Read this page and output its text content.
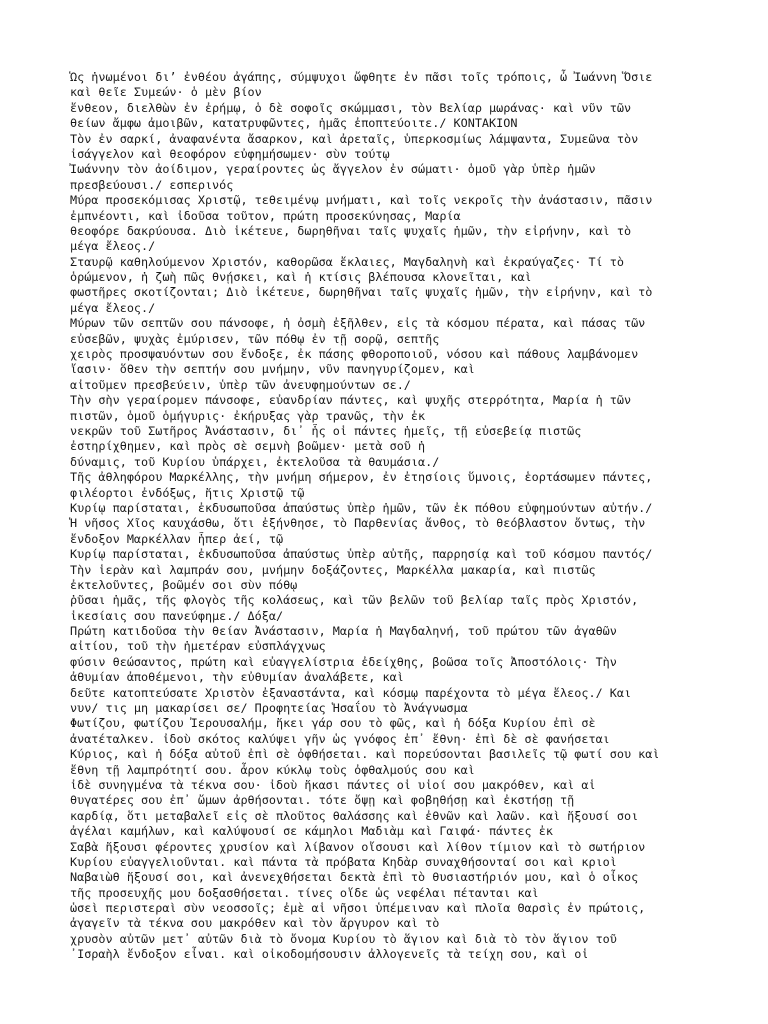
Ὡς ἡνωμένοι δι’ ἐνθέου ἀγάπης, σύμψυχοι ὤφθητε ἐν πᾶσι τοῖς τρόποις, ὦ Ἰωάννη Ὅσιε
καὶ θεῖε Συμεών· ὁ μὲν βίον
ἔνθεον, διελθὼν ἐν ἐρήμῳ, ὁ δὲ σοφοῖς σκώμμασι, τὸν Βελίαρ μωράνας· καὶ νῦν τῶν
θείων ἄμφω ἀμοιβῶν, κατατρυφῶντες, ἡμᾶς ἐποπτεύοιτε./ ΚΟΝΤΑΚΙΟΝ
Τὸν ἐν σαρκί, ἀναφανέντα ἄσαρκον, καὶ ἀρεταῖς, ὑπερκοσμίως λάμψαντα, Συμεῶνα τὸν
ἰσάγγελον καὶ θεοφόρον εὐφημήσωμεν· σὺν τούτῳ
Ἰωάννην τὸν ἀοίδιμον, γεραίροντες ὡς ἄγγελον ἐν σώματι· ὁμοῦ γὰρ ὑπὲρ ἡμῶν
πρεσβεύουσι./ εσπερινός
Μύρα προσεκόμισας Χριστῷ, τεθειμένῳ μνήματι, καὶ τοῖς νεκροῖς τὴν ἀνάστασιν, πᾶσιν
ἐμπνέοντι, καὶ ἰδοῦσα τοῦτον, πρώτη προσεκύνησας, Μαρία
θεοφόρε δακρύουσα. Διὸ ἱκέτευε, δωρηθῆναι ταῖς ψυχαῖς ἡμῶν, τὴν εἰρήνην, καὶ τὸ
μέγα ἔλεος./
Σταυρῷ καθηλούμενον Χριστόν, καθορῶσα ἔκλαιες, Μαγδαληνὴ καὶ ἐκραύγαζες· Τί τὸ
ὁρώμενον, ἡ ζωὴ πῶς θνῄσκει, καὶ ἡ κτίσις βλέπουσα κλονεῖται, καὶ
φωστῆρες σκοτίζονται; Διὸ ἱκέτευε, δωρηθῆναι ταῖς ψυχαῖς ἡμῶν, τὴν εἰρήνην, καὶ τὸ
μέγα ἔλεος./
Μύρων τῶν σεπτῶν σου πάνσοφε, ἡ ὀσμὴ ἐξῆλθεν, εἰς τὰ κόσμου πέρατα, καὶ πάσας τῶν
εὐσεβῶν, ψυχὰς ἐμύρισεν, τῶν πόθῳ ἐν τῇ σορῷ, σεπτῆς
χειρὸς προσψαυόντων σου ἔνδοξε, ἐκ πάσης φθοροποιοῦ, νόσου καὶ πάθους λαμβάνομεν
ἴασιν· ὅθεν τὴν σεπτήν σου μνήμην, νῦν πανηγυρίζομεν, καὶ
αἰτοῦμεν πρεσβεύειν, ὑπὲρ τῶν ἀνευφημούντων σε./
Τὴν σὴν γεραίρομεν πάνσοφε, εὐανδρίαν πάντες, καὶ ψυχῆς στερρότητα, Μαρία ἡ τῶν
πιστῶν, ὁμοῦ ὁμήγυρις· ἐκήρυξας γὰρ τρανῶς, τὴν ἐκ
νεκρῶν τοῦ Σωτῆρος Ἀνάστασιν, δι᾿ ἧς οἱ πάντες ἡμεῖς, τῇ εὐσεβείᾳ πιστῶς
ἐστηρίχθημεν, καὶ πρὸς σὲ σεμνὴ βοῶμεν· μετὰ σοῦ ἡ
δύναμις, τοῦ Κυρίου ὑπάρχει, ἐκτελοῦσα τὰ θαυμάσια./
Τῆς ἀθληφόρου Μαρκέλλης, τὴν μνήμη σήμερον, ἐν ἐτησίοις ὕμνοις, ἑορτάσωμεν πάντες,
φιλέορτοι ἐνδόξως, ἥτις Χριστῷ τῷ
Κυρίῳ παρίσταται, ἐκδυσωποῦσα ἀπαύστως ὑπὲρ ἡμῶν, τῶν ἐκ πόθου εὐφημούντων αὐτήν./
Ἡ νῆσος Χῖος καυχάσθω, ὅτι ἐξήνθησε, τὸ Παρθενίας ἄνθος, τὸ θεόβλαστον ὄντως, τὴν
ἔνδοξον Μαρκέλλαν ἧπερ ἀεί, τῷ
Κυρίῳ παρίσταται, ἐκδυσωποῦσα ἀπαύστως ὑπὲρ αὐτῆς, παρρησίᾳ καὶ τοῦ κόσμου παντός/
Τὴν ἱερὰν καὶ λαμπράν σου, μνήμην δοξάζοντες, Μαρκέλλα μακαρία, καὶ πιστῶς
ἐκτελοῦντες, βοῶμέν σοι σὺν πόθῳ
ῥῦσαι ἡμᾶς, τῆς φλογὸς τῆς κολάσεως, καὶ τῶν βελῶν τοῦ βελίαρ ταῖς πρὸς Χριστόν,
ἱκεσίαις σου πανεύφημε./ Δόξα/
Πρώτη κατιδοῦσα τὴν θείαν Ἀνάστασιν, Μαρία ἡ Μαγδαληνή, τοῦ πρώτου τῶν ἀγαθῶν
αἰτίου, τοῦ τὴν ἡμετέραν εὐσπλάγχνως
φύσιν θεώσαντος, πρώτη καὶ εὐαγγελίστρια ἐδείχθης, βοῶσα τοῖς Ἀποστόλοις· Τὴν
ἀθυμίαν ἀποθέμενοι, τὴν εὐθυμίαν ἀναλάβετε, καὶ
δεῦτε κατοπτεύσατε Χριστὸν ἐξαναστάντα, καὶ κόσμῳ παρέχοντα τὸ μέγα ἔλεος./ Και
νυν/ τις μη μακαρίσει σε/ Προφητείας Ἡσαΐου τὸ Ἀνάγνωσμα
Φωτίζου, φωτίζου Ἰερουσαλήμ, ἥκει γάρ σου τὸ φῶς, καὶ ἡ δόξα Κυρίου ἐπὶ σὲ
ἀνατέταλκεν. ἰδοὺ σκότος καλύψει γῆν ὡς γνόφος ἐπ᾿ ἔθνη· ἐπὶ δὲ σὲ φανήσεται
Κύριος, καὶ ἡ δόξα αὐτοῦ ἐπὶ σὲ ὀφθήσεται. καὶ πορεύσονται βασιλεῖς τῷ φωτί σου καὶ
ἔθνη τῇ λαμπρότητί σου. ἆρον κύκλῳ τοὺς ὀφθαλμούς σου καὶ
ἰδὲ συνηγμένα τὰ τέκνα σου· ἰδοὺ ἥκασι πάντες οἱ υἱοί σου μακρόθεν, καὶ αἱ
θυγατέρες σου ἐπ᾿ ὤμων ἀρθήσονται. τότε ὄψῃ καὶ φοβηθήσῃ καὶ ἐκστήσῃ τῇ
καρδίᾳ, ὅτι μεταβαλεῖ εἰς σὲ πλοῦτος θαλάσσης καὶ ἐθνῶν καὶ λαῶν. καὶ ἥξουσί σοι
ἀγέλαι καμήλων, καὶ καλύψουσί σε κάμηλοι Μαδιὰμ καὶ Γαιφά· πάντες ἐκ
Σαβὰ ἥξουσι φέροντες χρυσίον καὶ λίβανον οἴσουσι καὶ λίθον τίμιον καὶ τὸ σωτήριον
Κυρίου εὐαγγελιοῦνται. καὶ πάντα τὰ πρόβατα Κηδὰρ συναχθήσονταί σοι καὶ κριοὶ
Ναβαιὼθ ἥξουσί σοι, καὶ ἀνενεχθήσεται δεκτὰ ἐπὶ τὸ θυσιαστήριόν μου, καὶ ὁ οἶκος
τῆς προσευχῆς μου δοξασθήσεται. τίνες οἵδε ὡς νεφέλαι πέτανται καὶ
ὡσεὶ περιστεραὶ σὺν νεοσσοῖς; ἐμὲ αἱ νῆσοι ὑπέμειναν καὶ πλοῖα Θαρσὶς ἐν πρώτοις,
ἀγαγεῖν τὰ τέκνα σου μακρόθεν καὶ τὸν ἄργυρον καὶ τὸ
χρυσὸν αὐτῶν μετ᾿ αὐτῶν διὰ τὸ ὄνομα Κυρίου τὸ ἅγιον καὶ διὰ τὸ τὸν ἅγιον τοῦ
᾿Ισραὴλ ἔνδοξον εἶναι. καὶ οἰκοδομήσουσιν ἀλλογενεῖς τὰ τείχη σου, καὶ οἱ
